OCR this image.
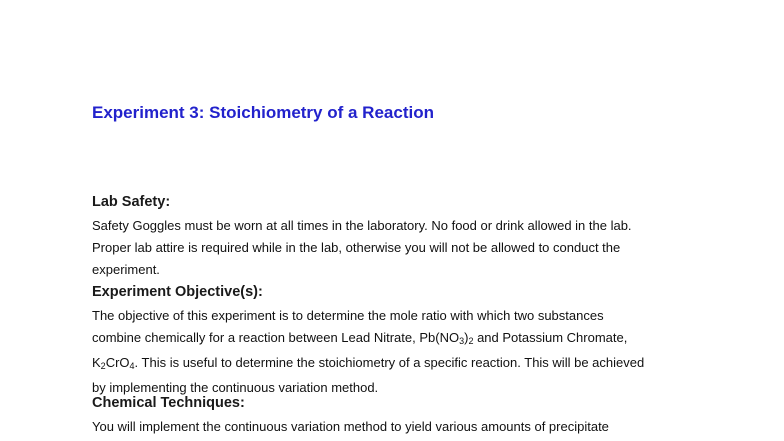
Experiment 3: Stoichiometry of a Reaction
Lab Safety:
Safety Goggles must be worn at all times in the laboratory. No food or drink allowed in the lab.
Proper lab attire is required while in the lab, otherwise you will not be allowed to conduct the
experiment.
Experiment Objective(s):
The objective of this experiment is to determine the mole ratio with which two substances
combine chemically for a reaction between Lead Nitrate, $Pb(NO_3)_2$ and Potassium Chromate,
$K_2CrO_4$. This is useful to determine the stoichiometry of a specific reaction. This will be achieved
by implementing the continuous variation method.
Chemical Techniques:
You will implement the continuous variation method to yield various amounts of precipitate
